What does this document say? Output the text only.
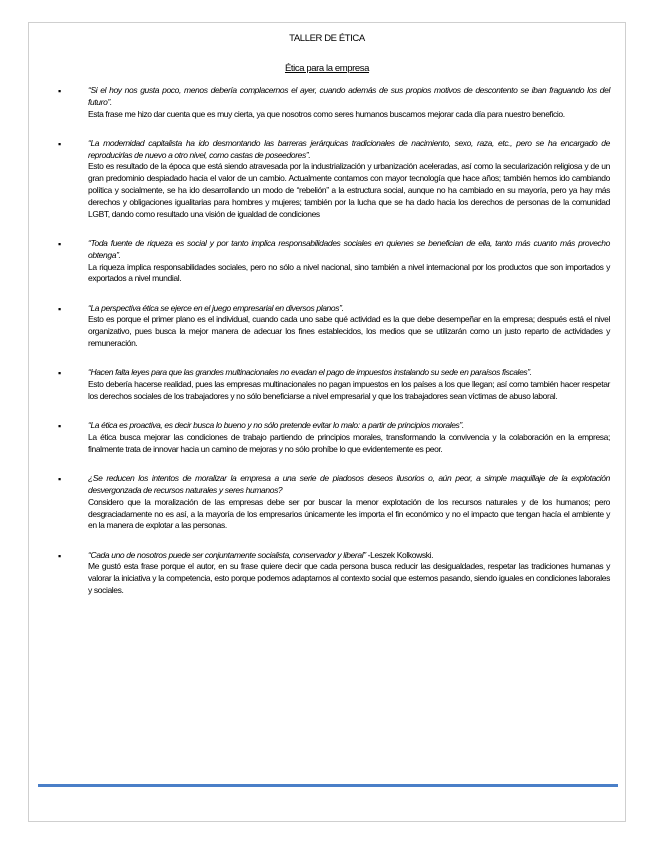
TALLER DE ÉTICA
Ética para la empresa
▪	“Si el hoy nos gusta poco, menos debería complacernos el ayer, cuando además de sus propios motivos de descontento se iban fraguando los del futuro”.

Esta frase me hizo dar cuenta que es muy cierta, ya que nosotros como seres humanos buscamos mejorar cada día para nuestro beneficio.

▪	“La modernidad capitalista ha ido desmontando las barreras jerárquicas tradicionales de nacimiento, sexo, raza, etc., pero se ha encargado de reproducirlas de nuevo a otro nivel, como castas de poseedores”.

Esto es resultado de la época que está siendo atravesada por la industrialización y urbanización aceleradas, así como la secularización religiosa y de un gran predominio despiadado hacia el valor de un cambio. Actualmente contamos con mayor tecnología que hace años; también hemos ido cambiando política y socialmente, se ha ido desarrollando un modo de “rebelión” a la estructura social, aunque no ha cambiado en su mayoría, pero ya hay más derechos y obligaciones igualitarias para hombres y mujeres; también por la lucha que se ha dado hacia los derechos de personas de la comunidad LGBT, dando como resultado una visión de igualdad de condiciones

▪	“Toda fuente de riqueza es social y por tanto implica responsabilidades sociales en quienes se benefician de ella, tanto más cuanto más provecho obtenga”.

La riqueza implica responsabilidades sociales, pero no sólo a nivel nacional, sino también a nivel internacional por los productos que son importados y exportados a nivel mundial.

▪	“La perspectiva ética se ejerce en el juego empresarial en diversos planos”.

Esto es porque el primer plano es el individual, cuando cada uno sabe qué actividad es la que debe desempeñar en la empresa; después está el nivel organizativo, pues busca la mejor manera de adecuar los fines establecidos, los medios que se utilizarán como un justo reparto de actividades y remuneración.

▪	“Hacen falta leyes para que las grandes multinacionales no evadan el pago de impuestos instalando su sede en paraísos fiscales”.

Esto debería hacerse realidad, pues las empresas multinacionales no pagan impuestos en los países a los que llegan; así como también hacer respetar los derechos sociales de los trabajadores y no sólo beneficiarse a nivel empresarial y que los trabajadores sean víctimas de abuso laboral.

▪	“La ética es proactiva, es decir busca lo bueno y no sólo pretende evitar lo malo: a partir de principios morales”.

La ética busca mejorar las condiciones de trabajo partiendo de principios morales, transformando la convivencia y la colaboración en la empresa; finalmente trata de innovar hacia un camino de mejoras y no sólo prohíbe lo que evidentemente es peor.

▪	¿Se reducen los intentos de moralizar la empresa a una serie de piadosos deseos ilusorios o, aún peor, a simple maquillaje de la explotación desvergonzada de recursos naturales y seres humanos?

Considero que la moralización de las empresas debe ser por buscar la menor explotación de los recursos naturales y de los humanos; pero desgraciadamente no es así, a la mayoría de los empresarios únicamente les importa el fin económico y no el impacto que tengan hacía el ambiente y en la manera de explotar a las personas.

▪	“Cada uno de nosotros puede ser conjuntamente socialista, conservador y liberal” -Leszek Kolkowski.

Me gustó esta frase porque el autor, en su frase quiere decir que cada persona busca reducir las desigualdades, respetar las tradiciones humanas y valorar la iniciativa y la competencia, esto porque podemos adaptarnos al contexto social que estemos pasando, siendo iguales en condiciones laborales y sociales.
